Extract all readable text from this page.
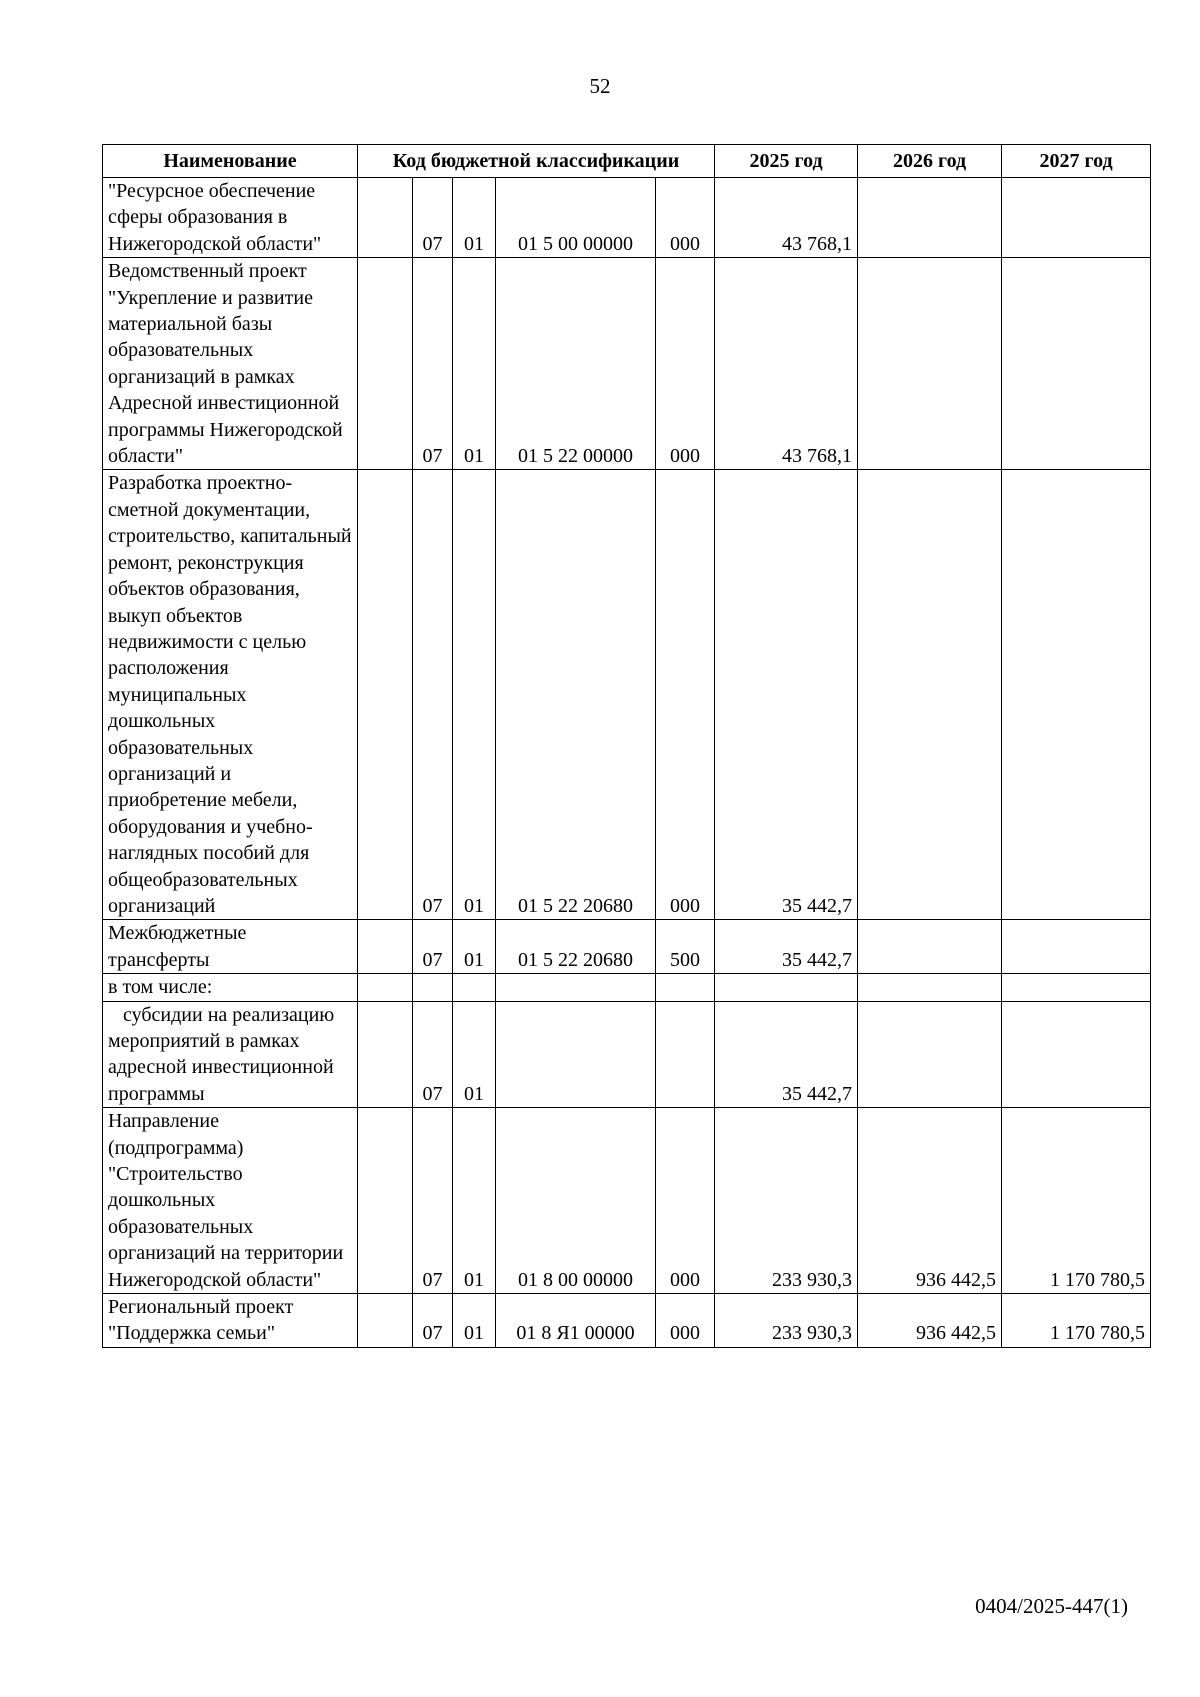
52
Наименование	Код бюджетной классификации					2025 год	2026 год	2027 год
"Ресурсное обеспечение сферы образования в Нижегородской области"		07	01	01 5 00 00000	000	43 768,1		
Ведомственный проект "Укрепление и развитие материальной базы образовательных организаций в рамках Адресной инвестиционной программы Нижегородской области"		07	01	01 5 22 00000	000	43 768,1		
Разработка проектно-сметной документации, строительство, капитальный ремонт, реконструкция объектов образования, выкуп объектов недвижимости с целью расположения муниципальных дошкольных образовательных организаций и приобретение мебели, оборудования и учебно-наглядных пособий для общеобразовательных организаций		07	01	01 5 22 20680	000	35 442,7		
Межбюджетные трансферты		07	01	01 5 22 20680	500	35 442,7		
в том числе:								
субсидии на реализацию мероприятий в рамках адресной инвестиционной программы		07	01			35 442,7		
Направление (подпрограмма) "Строительство дошкольных образовательных организаций на территории Нижегородской области"		07	01	01 8 00 00000	000	233 930,3	936 442,5	1 170 780,5
Региональный проект "Поддержка семьи"		07	01	01 8 Я1 00000	000	233 930,3	936 442,5	1 170 780,5
0404/2025-447(1)
